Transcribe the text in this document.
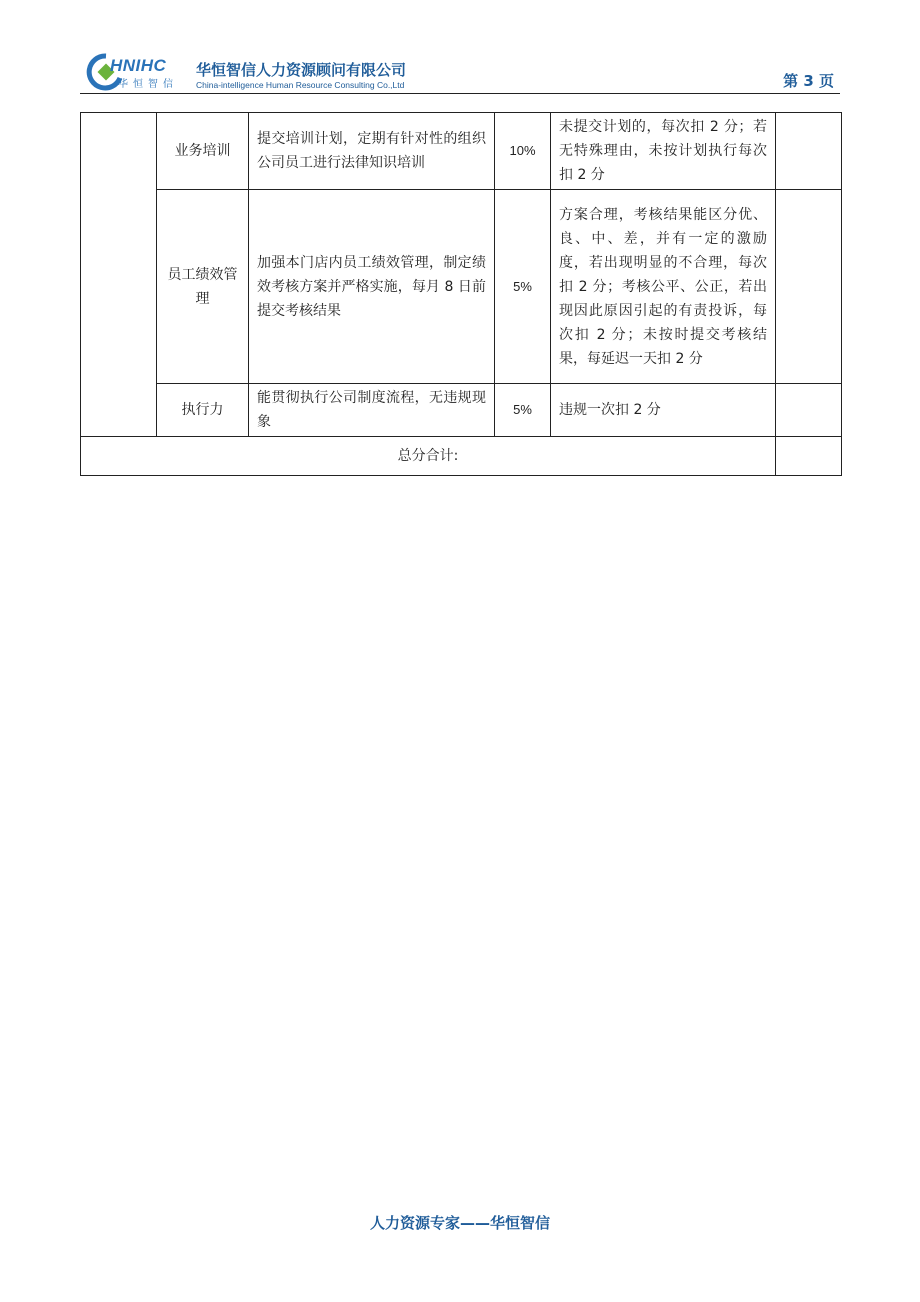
HNIHC
华恒智信
华恒智信人力资源顾问有限公司
China-intelligence Human Resource Consulting Co.,Ltd	第 3 页
	业务培训	提交培训计划，定期有针对性的组织公司员工进行法律知识培训	10%	未提交计划的，每次扣 2 分；若无特殊理由，未按计划执行每次扣 2 分	
	员工绩效管理	加强本门店内员工绩效管理，制定绩效考核方案并严格实施，每月 8 日前提交考核结果	5%	方案合理，考核结果能区分优、良、中、差，并有一定的激励度，若出现明显的不合理，每次扣 2 分；考核公平、公正，若出现因此原因引起的有责投诉，每次扣 2 分；未按时提交考核结果，每延迟一天扣 2 分	
	执行力	能贯彻执行公司制度流程，无违规现象	5%	违规一次扣 2 分	
总分合计:					
人力资源专家——华恒智信
